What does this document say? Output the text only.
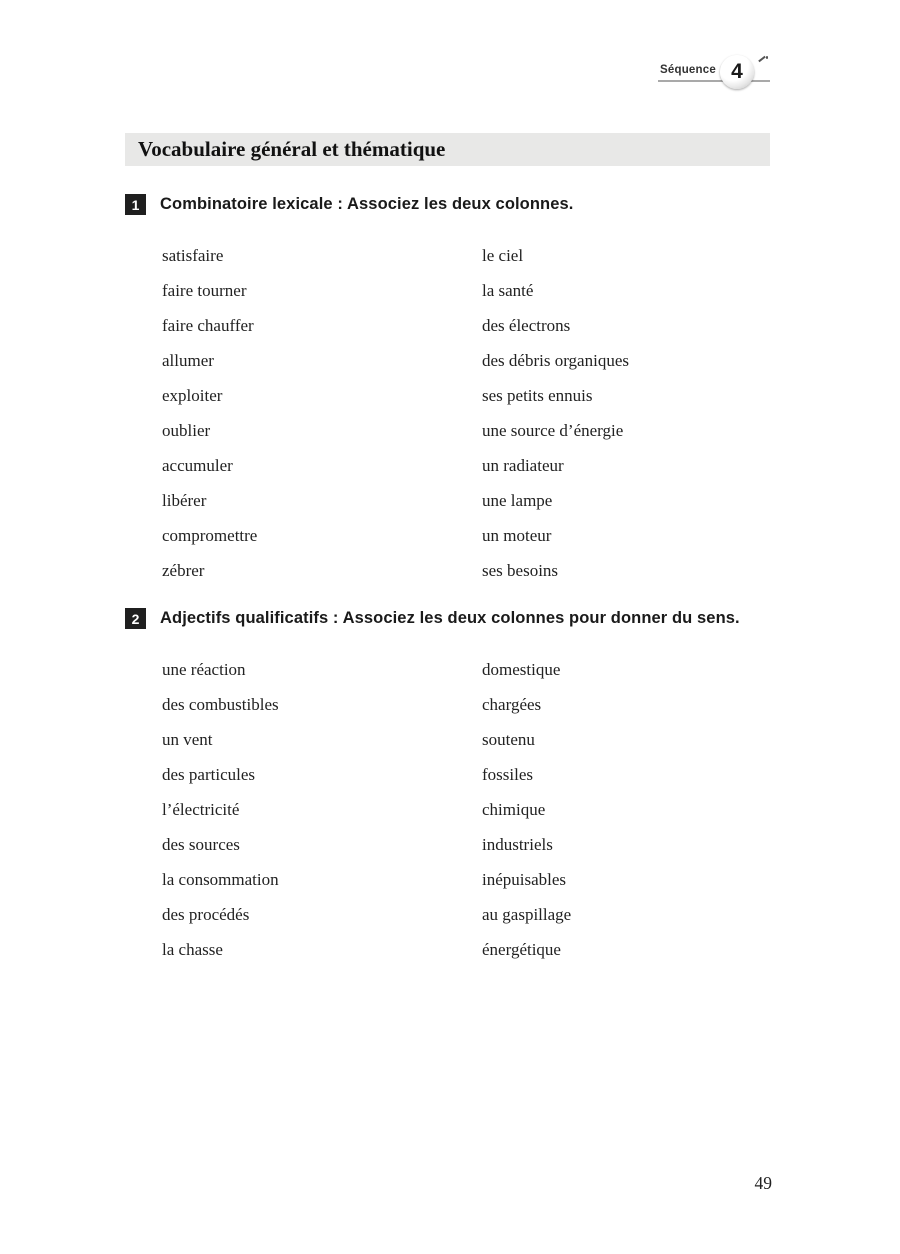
Séquence 4
Vocabulaire général et thématique
1	Combinatoire lexicale : Associez les deux colonnes.
satisfaire	le ciel
faire tourner	la santé
faire chauffer	des électrons
allumer	des débris organiques
exploiter	ses petits ennuis
oublier	une source d’énergie
accumuler	un radiateur
libérer	une lampe
compromettre	un moteur
zébrer	ses besoins
2	Adjectifs qualificatifs : Associez les deux colonnes pour donner du sens.
une réaction	domestique
des combustibles	chargées
un vent	soutenu
des particules	fossiles
l’électricité	chimique
des sources	industriels
la consommation	inépuisables
des procédés	au gaspillage
la chasse	énergétique
49
